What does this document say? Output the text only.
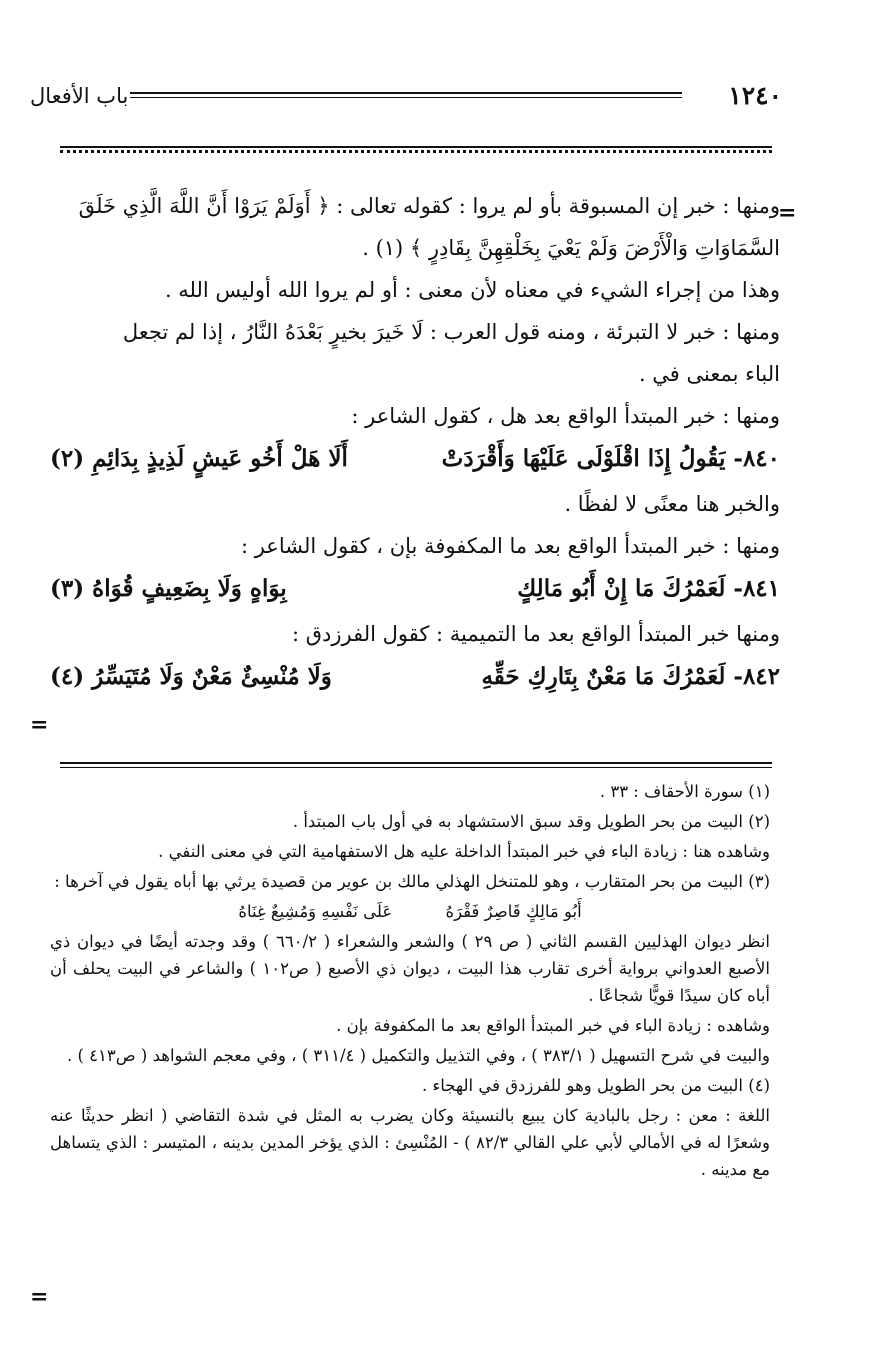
١٢٤٠
باب الأفعال
=
=
=

ومنها : خبر إن المسبوقة بأو لم يروا : كقوله تعالى : ﴿ أَوَلَمْ يَرَوْا أَنَّ اللَّهَ الَّذِي خَلَقَ

السَّمَاوَاتِ وَالْأَرْضَ وَلَمْ يَعْيَ بِخَلْقِهِنَّ بِقَادِرٍ ﴾ (١) .

وهذا من إجراء الشيء في معناه لأن معنى : أو لم يروا الله أوليس الله .

ومنها : خبر لا التبرئة ، ومنه قول العرب : لَا خَيرَ بخيرٍ بَعْدَهُ النَّارُ ، إذا لم تجعل

الباء بمعنى في .

ومنها : خبر المبتدأ الواقع بعد هل ، كقول الشاعر :

٨٤٠- يَقُولُ إِذَا اقْلَوْلَى عَلَيْهَا وَأَقْرَدَتْ
أَلَا هَلْ أَخُو عَيشٍ لَذِيذٍ بِدَائِمِ (٢)

والخبر هنا معنًى لا لفظًا .

ومنها : خبر المبتدأ الواقع بعد ما المكفوفة بإن ، كقول الشاعر :

٨٤١- لَعَمْرُكَ مَا إِنْ أَبُو مَالِكٍ
بِوَاهٍ وَلَا بِضَعِيفٍ قُوَاهُ (٣)

ومنها خبر المبتدأ الواقع بعد ما التميمية : كقول الفرزدق :

٨٤٢- لَعَمْرُكَ مَا مَعْنٌ بِتَارِكِ حَقِّهِ
وَلَا مُنْسِئٌ مَعْنٌ وَلَا مُتَيَسِّرُ (٤)

(١) سورة الأحقاف : ٣٣ .

(٢) البيت من بحر الطويل وقد سبق الاستشهاد به في أول باب المبتدأ .

وشاهده هنا : زيادة الباء في خبر المبتدأ الداخلة عليه هل الاستفهامية التي في معنى النفي .

(٣) البيت من بحر المتقارب ، وهو للمتنخل الهذلي مالك بن عوير من قصيدة يرثي بها أباه يقول في آخرها :

أَبُو مَالِكٍ قَاصِرٌ فَقْرَهُ عَلَى نَفْسِهِ وَمُشِيعٌ غِنَاهُ

انظر ديوان الهذليين القسم الثاني ( ص ٢٩ ) والشعر والشعراء ( ٦٦٠/٢ ) وقد وجدته أيضًا في ديوان ذي الأصبع العدواني برواية أخرى تقارب هذا البيت ، ديوان ذي الأصبع ( ص١٠٢ ) والشاعر في البيت يحلف أن أباه كان سيدًا قويًّا شجاعًا .

وشاهده : زيادة الباء في خبر المبتدأ الواقع بعد ما المكفوفة بإن .

والبيت في شرح التسهيل ( ٣٨٣/١ ) ، وفي التذييل والتكميل ( ٣١١/٤ ) ، وفي معجم الشواهد ( ص٤١٣ ) .

(٤) البيت من بحر الطويل وهو للفرزدق في الهجاء .

اللغة : معن : رجل بالبادية كان يبيع بالنسيئة وكان يضرب به المثل في شدة التقاضي ( انظر حديثًا عنه وشعرًا له في الأمالي لأبي علي القالي ٨٢/٣ ) - المُنْسِئ : الذي يؤخر المدين بدينه ، المتيسر : الذي يتساهل مع مدينه .
